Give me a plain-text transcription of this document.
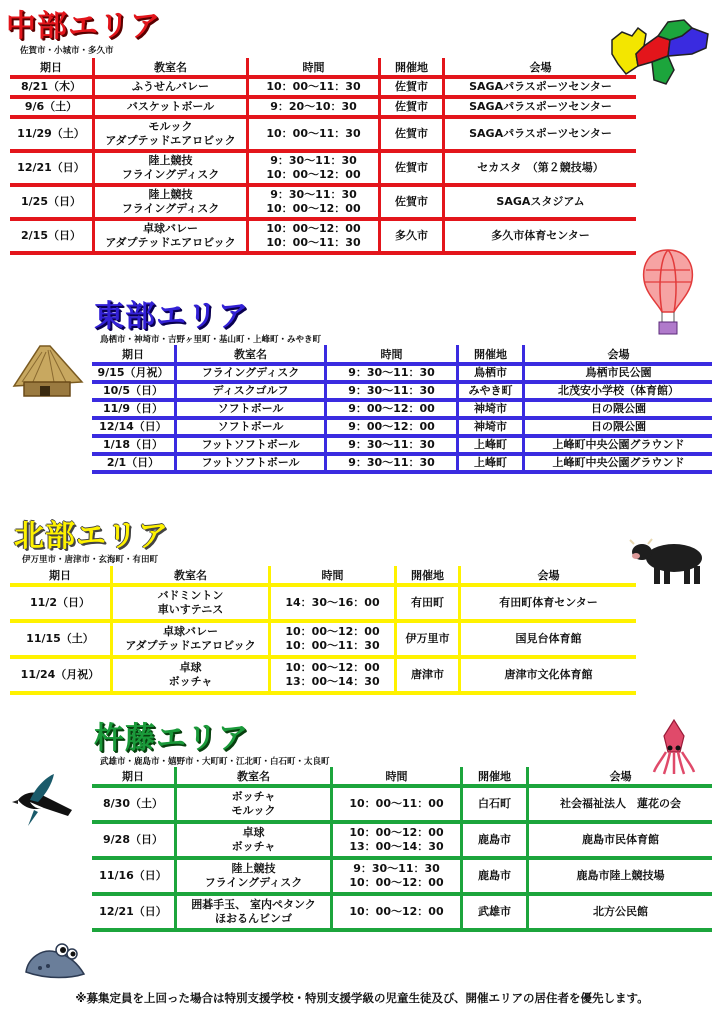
中部エリア
佐賀市・小城市・多久市
期日	教室名	時間	開催地	会場
8/21（木）	ふうせんバレー	10：00～11：30	佐賀市	SAGAパラスポーツセンター
9/6（土）	バスケットボール	9：20～10：30	佐賀市	SAGAパラスポーツセンター
11/29（土）	モルック
アダプテッドエアロビック	10：00～11：30	佐賀市	SAGAパラスポーツセンター
12/21（日）	陸上競技
フライングディスク	9：30～11：30
10：00～12：00	佐賀市	セカスタ　（第２競技場）
1/25（日）	陸上競技
フライングディスク	9：30～11：30
10：00～12：00	佐賀市	SAGAスタジアム
2/15（日）	卓球バレー
アダプテッドエアロビック	10：00～12：00
10：00～11：30	多久市	多久市体育センター
東部エリア
鳥栖市・神埼市・吉野ヶ里町・基山町・上峰町・みやき町
期日	教室名	時間	開催地	会場
9/15（月祝）	フライングディスク	9：30～11：30	鳥栖市	鳥栖市民公園
10/5（日）	ディスクゴルフ	9：30～11：30	みやき町	北茂安小学校（体育館）
11/9（日）	ソフトボール	9：00～12：00	神埼市	日の隈公園
12/14（日）	ソフトボール	9：00～12：00	神埼市	日の隈公園
1/18（日）	フットソフトボール	9：30～11：30	上峰町	上峰町中央公園グラウンド
2/1（日）	フットソフトボール	9：30～11：30	上峰町	上峰町中央公園グラウンド
北部エリア
伊万里市・唐津市・玄海町・有田町
期日	教室名	時間	開催地	会場
11/2（日）	バドミントン
車いすテニス	14：30～16：00	有田町	有田町体育センター
11/15（土）	卓球バレー
アダプテッドエアロビック	10：00～12：00
10：00～11：30	伊万里市	国見台体育館
11/24（月祝）	卓球
ボッチャ	10：00～12：00
13：00～14：30	唐津市	唐津市文化体育館
杵藤エリア
武雄市・鹿島市・嬉野市・大町町・江北町・白石町・太良町
期日	教室名	時間	開催地	会場
8/30（土）	ボッチャ
モルック	10：00～11：00	白石町	社会福祉法人　蓮花の会
9/28（日）	卓球
ボッチャ	10：00～12：00
13：00～14：30	鹿島市	鹿島市民体育館
11/16（日）	陸上競技
フライングディスク	9：30～11：30
10：00～12：00	鹿島市	鹿島市陸上競技場
12/21（日）	囲碁手玉、 室内ペタンク
ほおるんビンゴ	10：00～12：00	武雄市	北方公民館
※募集定員を上回った場合は特別支援学校・特別支援学級の児童生徒及び、開催エリアの居住者を優先します。
